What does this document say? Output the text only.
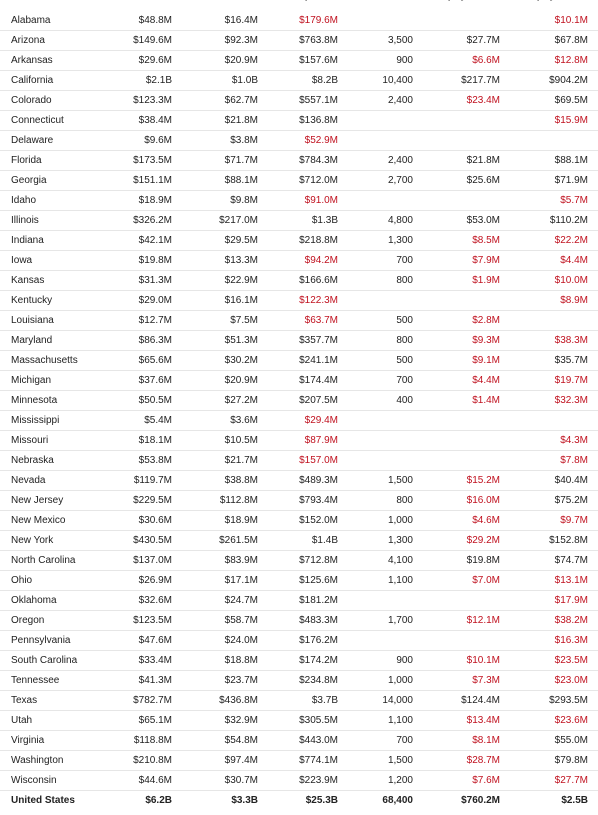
Alabama	$48.8M	$16.4M	$179.6M			$10.1M
Arizona	$149.6M	$92.3M	$763.8M	3,500	$27.7M	$67.8M
Arkansas	$29.6M	$20.9M	$157.6M	900	$6.6M	$12.8M
California	$2.1B	$1.0B	$8.2B	10,400	$217.7M	$904.2M
Colorado	$123.3M	$62.7M	$557.1M	2,400	$23.4M	$69.5M
Connecticut	$38.4M	$21.8M	$136.8M			$15.9M
Delaware	$9.6M	$3.8M	$52.9M			
Florida	$173.5M	$71.7M	$784.3M	2,400	$21.8M	$88.1M
Georgia	$151.1M	$88.1M	$712.0M	2,700	$25.6M	$71.9M
Idaho	$18.9M	$9.8M	$91.0M			$5.7M
Illinois	$326.2M	$217.0M	$1.3B	4,800	$53.0M	$110.2M
Indiana	$42.1M	$29.5M	$218.8M	1,300	$8.5M	$22.2M
Iowa	$19.8M	$13.3M	$94.2M	700	$7.9M	$4.4M
Kansas	$31.3M	$22.9M	$166.6M	800	$1.9M	$10.0M
Kentucky	$29.0M	$16.1M	$122.3M			$8.9M
Louisiana	$12.7M	$7.5M	$63.7M	500	$2.8M	
Maryland	$86.3M	$51.3M	$357.7M	800	$9.3M	$38.3M
Massachusetts	$65.6M	$30.2M	$241.1M	500	$9.1M	$35.7M
Michigan	$37.6M	$20.9M	$174.4M	700	$4.4M	$19.7M
Minnesota	$50.5M	$27.2M	$207.5M	400	$1.4M	$32.3M
Mississippi	$5.4M	$3.6M	$29.4M			
Missouri	$18.1M	$10.5M	$87.9M			$4.3M
Nebraska	$53.8M	$21.7M	$157.0M			$7.8M
Nevada	$119.7M	$38.8M	$489.3M	1,500	$15.2M	$40.4M
New Jersey	$229.5M	$112.8M	$793.4M	800	$16.0M	$75.2M
New Mexico	$30.6M	$18.9M	$152.0M	1,000	$4.6M	$9.7M
New York	$430.5M	$261.5M	$1.4B	1,300	$29.2M	$152.8M
North Carolina	$137.0M	$83.9M	$712.8M	4,100	$19.8M	$74.7M
Ohio	$26.9M	$17.1M	$125.6M	1,100	$7.0M	$13.1M
Oklahoma	$32.6M	$24.7M	$181.2M			$17.9M
Oregon	$123.5M	$58.7M	$483.3M	1,700	$12.1M	$38.2M
Pennsylvania	$47.6M	$24.0M	$176.2M			$16.3M
South Carolina	$33.4M	$18.8M	$174.2M	900	$10.1M	$23.5M
Tennessee	$41.3M	$23.7M	$234.8M	1,000	$7.3M	$23.0M
Texas	$782.7M	$436.8M	$3.7B	14,000	$124.4M	$293.5M
Utah	$65.1M	$32.9M	$305.5M	1,100	$13.4M	$23.6M
Virginia	$118.8M	$54.8M	$443.0M	700	$8.1M	$55.0M
Washington	$210.8M	$97.4M	$774.1M	1,500	$28.7M	$79.8M
Wisconsin	$44.6M	$30.7M	$223.9M	1,200	$7.6M	$27.7M
United States	$6.2B	$3.3B	$25.3B	68,400	$760.2M	$2.5B
